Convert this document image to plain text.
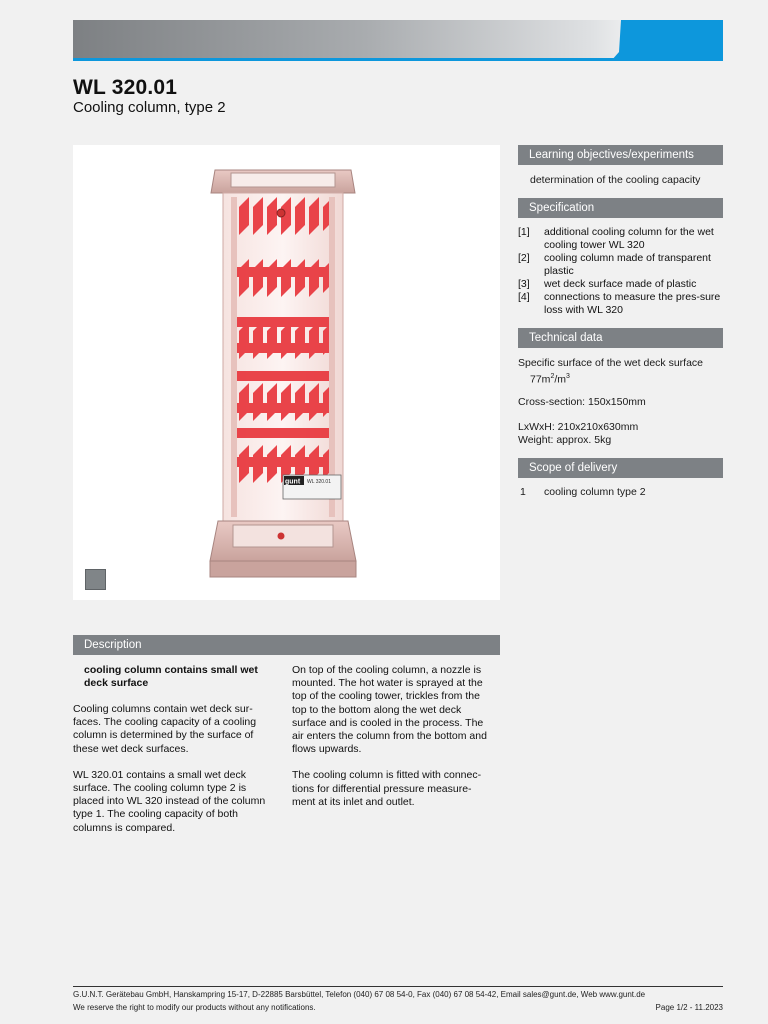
WL 320.01
Cooling column, type 2
gunt WL 320.01
Learning objectives/experiments
determination of the cooling capacity
Specification
[1]	additional cooling column for the wet cooling tower WL 320
[2]	cooling column made of transparent plastic
[3]	wet deck surface made of plastic
[4]	connections to measure the pres-sure loss with WL 320
Technical data
Specific surface of the wet deck surface
$77m^2/m^3$
Cross-section: 150x150mm
LxWxH: 210x210x630mm
Weight: approx. 5kg
Scope of delivery
1 cooling column type 2
Description

cooling column contains small wet deck surface

Cooling columns contain wet deck sur-faces. The cooling capacity of a cooling column is determined by the surface of these wet deck surfaces.

WL 320.01 contains a small wet deck surface. The cooling column type 2 is placed into WL 320 instead of the column type 1. The cooling capacity of both columns is compared.

On top of the cooling column, a nozzle is mounted. The hot water is sprayed at the top of the cooling tower, trickles from the top to the bottom along the wet deck surface and is cooled in the process. The air enters the column from the bottom and flows upwards.

The cooling column is fitted with connec-tions for differential pressure measure-ment at its inlet and outlet.

G.U.N.T. Gerätebau GmbH, Hanskampring 15-17, D-22885 Barsbüttel, Telefon (040) 67 08 54-0, Fax (040) 67 08 54-42, Email sales@gunt.de, Web www.gunt.de
We reserve the right to modify our products without any notifications.	Page 1/2 - 11.2023
